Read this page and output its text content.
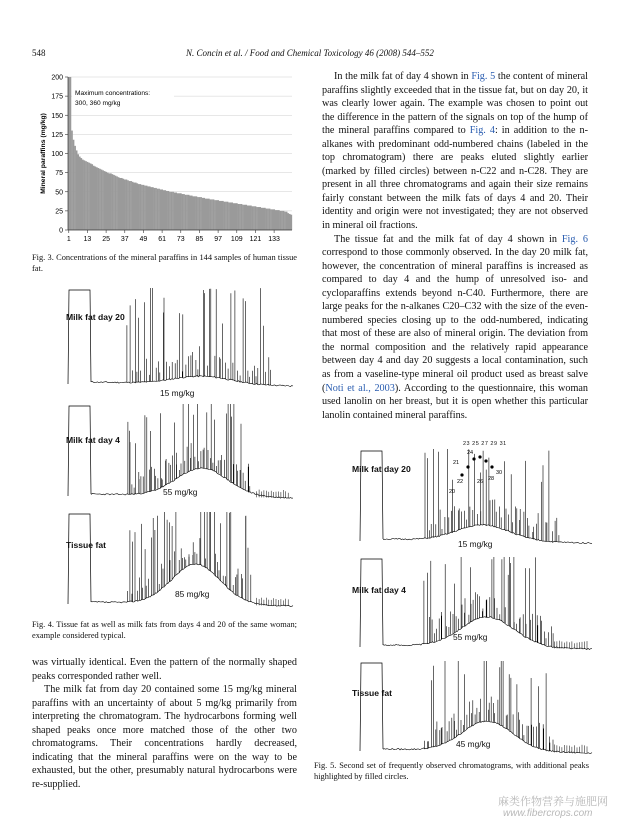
548	N. Concin et al. / Food and Chemical Toxicology 46 (2008) 544–552
0
25
50
75
100
125
150
175
200
1 13 25 37 49 61 73 85 97 109 121 133
Mineral paraffins (mg/kg)
Maximum concentrations:
300, 360 mg/kg
Fig. 3. Concentrations of the mineral paraffins in 144 samples of human tissue fat.
Milk fat day 20
15 mg/kg
Milk fat day 4
55 mg/kg
Tissue fat
85 mg/kg
Fig. 4. Tissue fat as well as milk fats from days 4 and 20 of the same woman; example considered typical.

was virtually identical. Even the pattern of the normally shaped peaks corresponded rather well.

The milk fat from day 20 contained some 15 mg/kg mineral paraffins with an uncertainty of about 5 mg/kg primarily from interpreting the chromatogram. The hydrocarbons forming well shaped peaks once more matched those of the other two chromatograms. Their concentrations hardly decreased, indicating that the mineral paraffins were on the way to be exhausted, but the other, presumably natural hydrocarbons were re-supplied.

In the milk fat of day 4 shown in Fig. 5 the content of mineral paraffins slightly exceeded that in the tissue fat, but on day 20, it was clearly lower again. The example was chosen to point out the difference in the pattern of the signals on top of the hump of the mineral paraffins compared to Fig. 4: in addition to the n-alkanes with predominant odd-numbered chains (labeled in the top chromatogram) there are peaks eluted slightly earlier (marked by filled circles) between n-C22 and n-C28. They are present in all three chromatograms and again their size remains fairly constant between the milk fats of days 4 and 20. Their identity and origin were not investigated; they are not observed in mineral oil fractions.

The tissue fat and the milk fat of day 4 shown in Fig. 6 correspond to those commonly observed. In the day 20 milk fat, however, the concentration of mineral paraffins is increased as compared to day 4 and the hump of unresolved iso- and cycloparaffins extends beyond n-C40. Furthermore, there are large peaks for the n-alkanes C20–C32 with the size of the even-numbered species closing up to the odd-numbered, indicating that most of these are also of mineral origin. The deviation from the normal composition and the relatively rapid appearance between day 4 and day 20 suggests a local contamination, such as from a vaseline-type mineral oil product used as breast salve (Noti et al., 2003). According to the questionnaire, this woman used lanolin on her breast, but it is open whether this particular lanolin contained mineral paraffins.

24
21
22	26 28
30
20
23 25 27 29 31
Milk fat day 20
15 mg/kg
Milk fat day 4
55 mg/kg
Tissue fat
45 mg/kg
Fig. 5. Second set of frequently observed chromatograms, with additional peaks highlighted by filled circles.
麻类作物营养与施肥网
www.fibercrops.com
